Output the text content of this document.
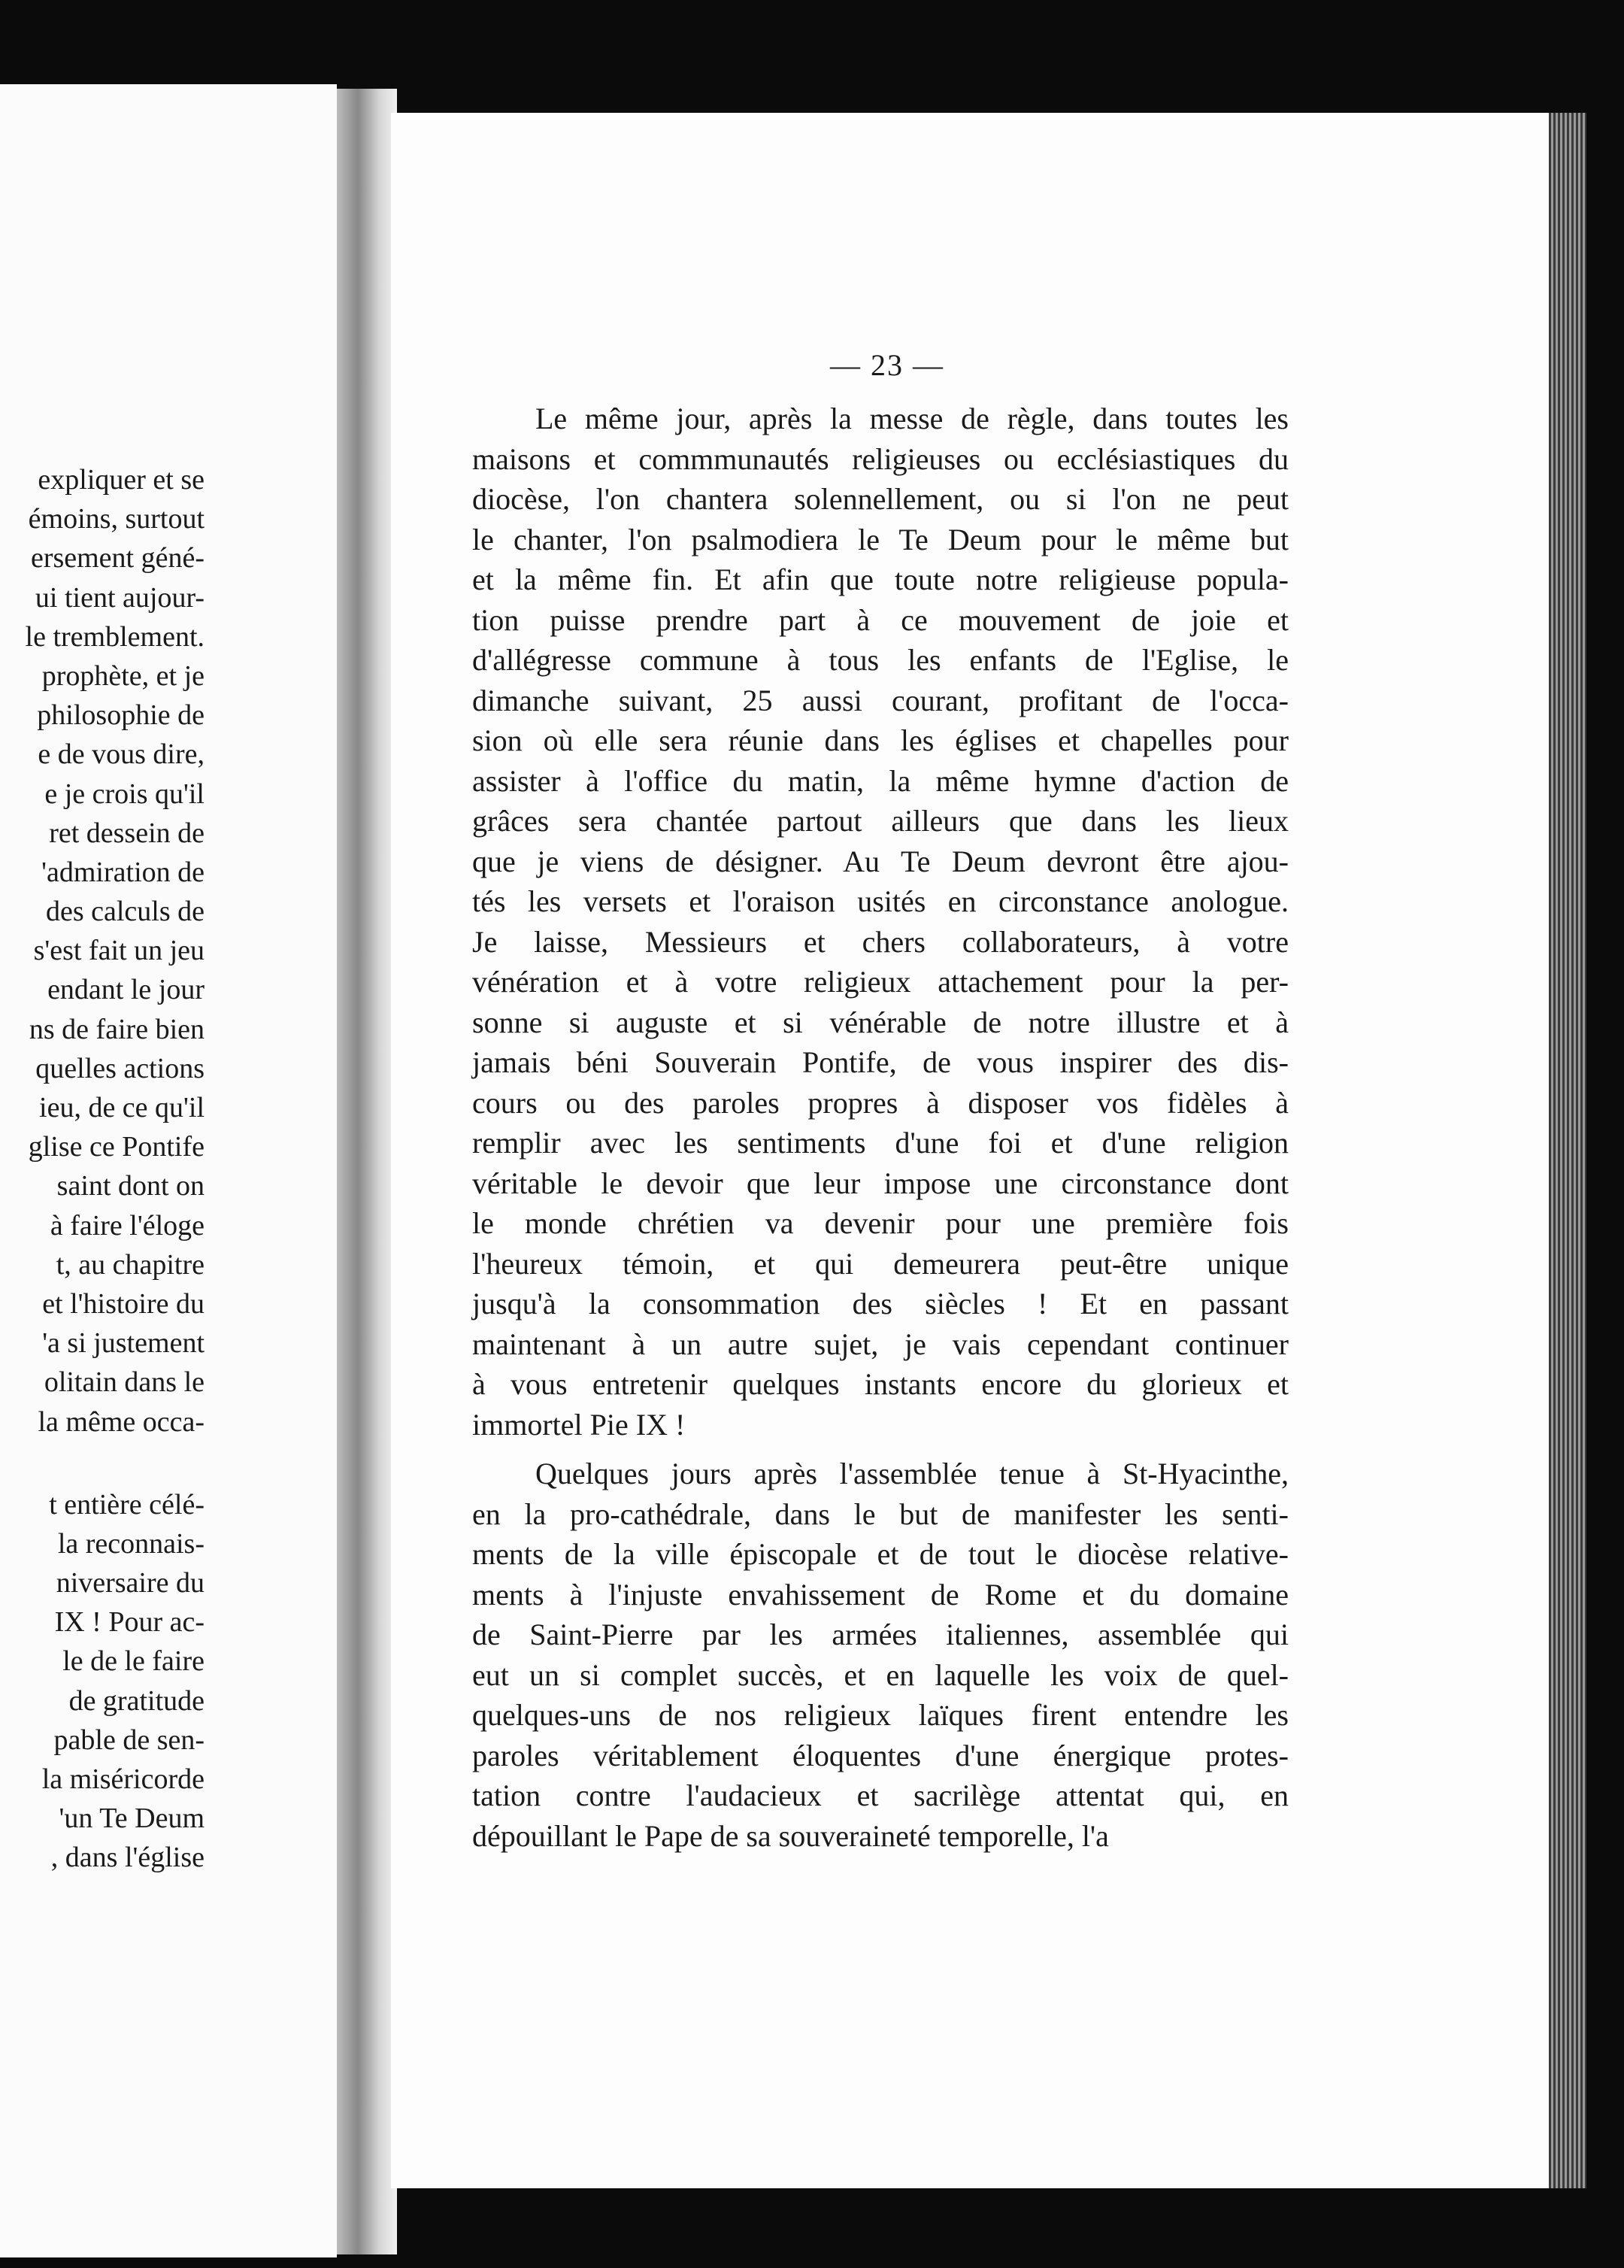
expliquer et se
émoins, surtout
ersement géné-
ui tient aujour-
le tremblement.
prophète, et je
philosophie de
e de vous dire,
e je crois qu'il
ret dessein de
'admiration de
des calculs de
s'est fait un jeu
endant le jour
ns de faire bien
quelles actions
ieu, de ce qu'il
glise ce Pontife
saint dont on
à faire l'éloge
t, au chapitre
et l'histoire du
'a si justement
olitain dans le
la même occa-
t entière célé-
la reconnais-
niversaire du
IX ! Pour ac-
le de le faire
de gratitude
pable de sen-
la miséricorde
'un Te Deum
, dans l'église
— 23 —
Le même jour, après la messe de règle, dans toutes les
maisons et commmunautés religieuses ou ecclésiastiques du
diocèse, l'on chantera solennellement, ou si l'on ne peut
le chanter, l'on psalmodiera le Te Deum pour le même but
et la même fin. Et afin que toute notre religieuse popula-
tion puisse prendre part à ce mouvement de joie et
d'allégresse commune à tous les enfants de l'Eglise, le
dimanche suivant, 25 aussi courant, profitant de l'occa-
sion où elle sera réunie dans les églises et chapelles pour
assister à l'office du matin, la même hymne d'action de
grâces sera chantée partout ailleurs que dans les lieux
que je viens de désigner. Au Te Deum devront être ajou-
tés les versets et l'oraison usités en circonstance anologue.
Je laisse, Messieurs et chers collaborateurs, à votre
vénération et à votre religieux attachement pour la per-
sonne si auguste et si vénérable de notre illustre et à
jamais béni Souverain Pontife, de vous inspirer des dis-
cours ou des paroles propres à disposer vos fidèles à
remplir avec les sentiments d'une foi et d'une religion
véritable le devoir que leur impose une circonstance dont
le monde chrétien va devenir pour une première fois
l'heureux témoin, et qui demeurera peut-être unique
jusqu'à la consommation des siècles ! Et en passant
maintenant à un autre sujet, je vais cependant continuer
à vous entretenir quelques instants encore du glorieux et
immortel Pie IX !
Quelques jours après l'assemblée tenue à St-Hyacinthe,
en la pro-cathédrale, dans le but de manifester les senti-
ments de la ville épiscopale et de tout le diocèse relative-
ments à l'injuste envahissement de Rome et du domaine
de Saint-Pierre par les armées italiennes, assemblée qui
eut un si complet succès, et en laquelle les voix de quel-
quelques-uns de nos religieux laïques firent entendre les
paroles véritablement éloquentes d'une énergique protes-
tation contre l'audacieux et sacrilège attentat qui, en
dépouillant le Pape de sa souveraineté temporelle, l'a
